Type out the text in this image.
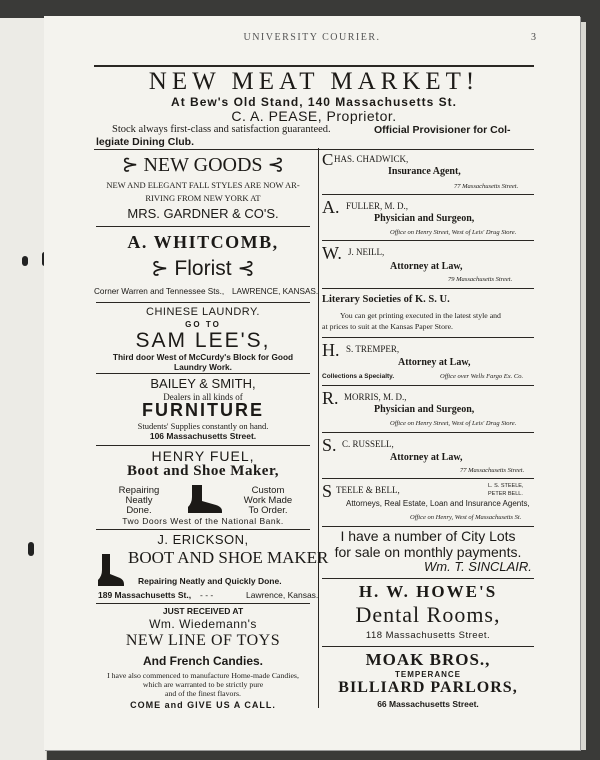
UNIVERSITY COURIER.	3
NEW MEAT MARKET!
At Bew's Old Stand, 140 Massachusetts St.
C. A. PEASE, Proprietor.
Stock always first-class and satisfaction guaranteed.	Official Provisioner for Col-
legiate Dining Club.
⊱ NEW GOODS ⊰
NEW AND ELEGANT FALL STYLES ARE NOW AR-
RIVING FROM NEW YORK AT
MRS. GARDNER & CO'S.
A. WHITCOMB,
⊱ Florist ⊰
Corner Warren and Tennessee Sts., LAWRENCE, KANSAS.
CHINESE LAUNDRY.
GO TO
SAM LEE'S,
Third door West of McCurdy's Block for Good
Laundry Work.
BAILEY & SMITH,
Dealers in all kinds of
FURNITURE
Students' Supplies constantly on hand.
106 Massachusetts Street.
HENRY FUEL,
Boot and Shoe Maker,
Repairing
Neatly
Done.
Custom
Work Made
To Order.
Two Doors West of the National Bank.
J. ERICKSON,
BOOT AND SHOE MAKER
Repairing Neatly and Quickly Done.
189 Massachusetts St., - - -	Lawrence, Kansas.
JUST RECEIVED AT
Wm. Wiedemann's
NEW LINE OF TOYS
And French Candies.
I have also commenced to manufacture Home-made Candies,
which are warranted to be strictly pure
and of the finest flavors.
COME and GIVE US A CALL.
C HAS. CHADWICK,
Insurance Agent,
77 Massachusetts Street.
A. FULLER, M. D.,
Physician and Surgeon,
Office on Henry Street, West of Leis' Drug Store.
W. J. NEILL,
Attorney at Law,
79 Massachusetts Street.
Literary Societies of K. S. U.
You can get printing executed in the latest style and
at prices to suit at the Kansas Paper Store.
H. S. TREMPER,
Attorney at Law,
Collections a Specialty.	Office over Wells Fargo Ex. Co.
R. MORRIS, M. D.,
Physician and Surgeon,
Office on Henry Street, West of Leis' Drug Store.
S. C. RUSSELL,
Attorney at Law,
77 Massachusetts Street.
S TEELE & BELL,	L. S. STEELE,
PETER BELL.
Attorneys, Real Estate, Loan and Insurance Agents,
Office on Henry, West of Massachusetts St.
I have a number of City Lots
for sale on monthly payments.
Wm. T. SINCLAIR.
H. W. HOWE'S
Dental Rooms,
118 Massachusetts Street.
MOAK BROS.,
TEMPERANCE
BILLIARD PARLORS,
66 Massachusetts Street.
